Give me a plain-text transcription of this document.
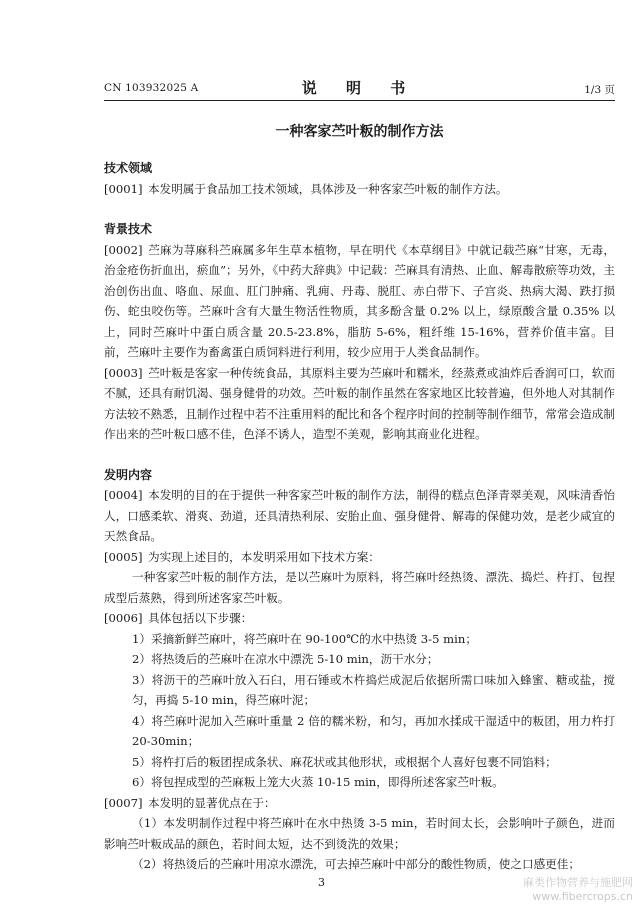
CN 103932025 A	说 明 书	1/3 页
一种客家苎叶粄的制作方法

技术领域

[0001] 本发明属于食品加工技术领域，具体涉及一种客家苎叶粄的制作方法。

背景技术

[0002] 苎麻为荨麻科苎麻属多年生草本植物，早在明代《本草纲目》中就记载苎麻“甘寒，无毒，治金疮伤折血出，瘀血”；另外，《中药大辞典》中记载：苎麻具有清热、止血、解毒散瘀等功效，主治创伤出血、咯血、尿血、肛门肿痛、乳痈、丹毒、脱肛、赤白带下、子宫炎、热病大渴、跌打损伤、蛇虫咬伤等。苎麻叶含有大量生物活性物质，其多酚含量 0.2% 以上，绿原酸含量 0.35% 以上，同时苎麻叶中蛋白质含量 20.5-23.8%，脂肪 5-6%，粗纤维 15-16%，营养价值丰富。目前，苎麻叶主要作为畜禽蛋白质饲料进行利用，较少应用于人类食品制作。

[0003] 苎叶粄是客家一种传统食品，其原料主要为苎麻叶和糯米，经蒸煮或油炸后香润可口，软而不腻，还具有耐饥渴、强身健骨的功效。苎叶粄的制作虽然在客家地区比较普遍，但外地人对其制作方法较不熟悉，且制作过程中若不注重用料的配比和各个程序时间的控制等制作细节，常常会造成制作出来的苎叶粄口感不佳，色泽不诱人，造型不美观，影响其商业化进程。

发明内容

[0004] 本发明的目的在于提供一种客家苎叶粄的制作方法，制得的糕点色泽青翠美观，风味清香怡人，口感柔软、滑爽、劲道，还具清热利尿、安胎止血、强身健骨、解毒的保健功效，是老少咸宜的天然食品。

[0005] 为实现上述目的，本发明采用如下技术方案：

一种客家苎叶粄的制作方法，是以苎麻叶为原料，将苎麻叶经热烫、漂洗、捣烂、杵打、包捏成型后蒸熟，得到所述客家苎叶粄。

[0006] 具体包括以下步骤：

1）采摘新鲜苎麻叶，将苎麻叶在 90-100℃的水中热烫 3-5 min；

2）将热烫后的苎麻叶在凉水中漂洗 5-10 min，沥干水分；

3）将沥干的苎麻叶放入石臼，用石锤或木杵捣烂成泥后依据所需口味加入蜂蜜、糖或盐，搅匀，再捣 5-10 min，得苎麻叶泥；

4）将苎麻叶泥加入苎麻叶重量 2 倍的糯米粉，和匀，再加水揉成干湿适中的粄团，用力杵打 20-30min；

5）将杵打后的粄团捏成条状、麻花状或其他形状，或根据个人喜好包裹不同馅料；

6）将包捏成型的苎麻粄上笼大火蒸 10-15 min，即得所述客家苎叶粄。

[0007] 本发明的显著优点在于：

（1）本发明制作过程中将苎麻叶在水中热烫 3-5 min，若时间太长，会影响叶子颜色，进而影响苎叶粄成品的颜色，若时间太短，达不到烫洗的效果；

（2）将热烫后的苎麻叶用凉水漂洗，可去掉苎麻叶中部分的酸性物质，使之口感更佳；

3	麻类作物营养与施肥网
www.fibercrops.cn
